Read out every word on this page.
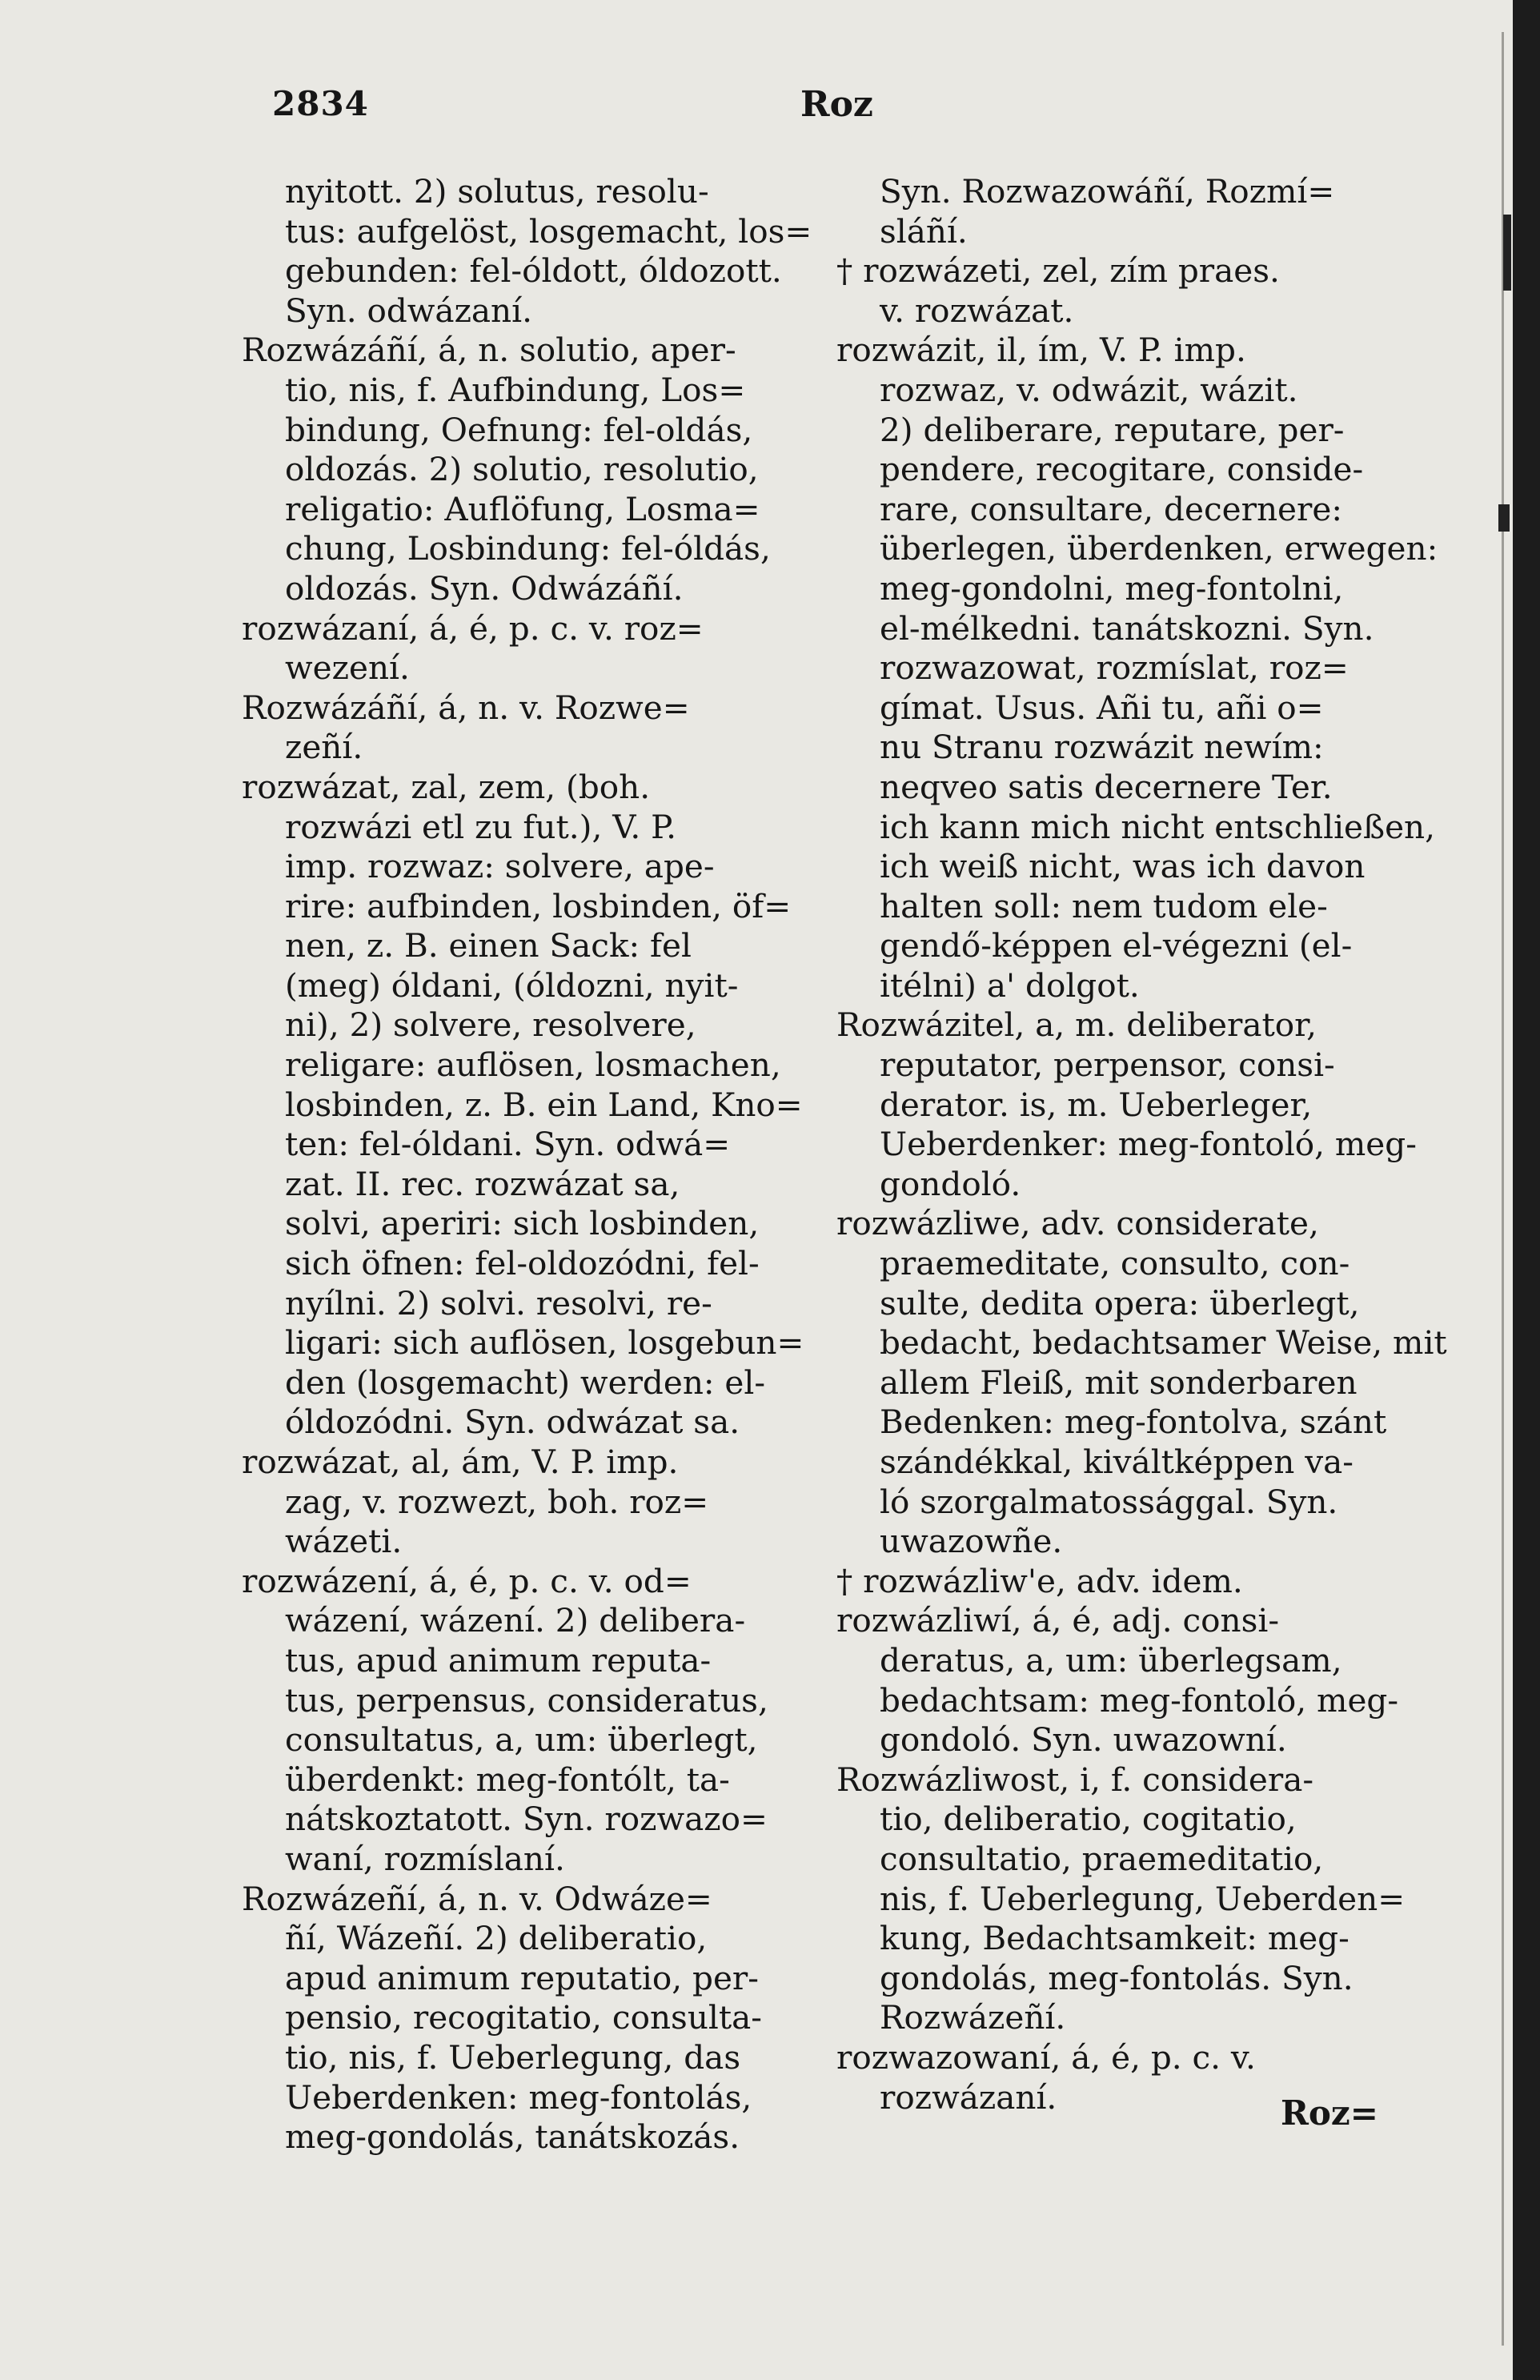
2834	Roz
nyitott. 2) solutus, resolu-
tus: aufgelöst, losgemacht, los=
gebunden: fel-óldott, óldozott.
Syn. odwázaní.
Rozwázáñí, á, n. solutio, aper-
tio, nis, f. Aufbindung, Los=
bindung, Oefnung: fel-oldás,
oldozás. 2) solutio, resolutio,
religatio: Auflöfung, Losma=
chung, Losbindung: fel-óldás,
oldozás. Syn. Odwázáñí.
rozwázaní, á, é, p. c. v. roz=
wezení.
Rozwázáñí, á, n. v. Rozwe=
zeñí.
rozwázat, zal, zem, (boh.
rozwázi etl zu fut.), V. P.
imp. rozwaz: solvere, ape-
rire: aufbinden, losbinden, öf=
nen, z. B. einen Sack: fel
(meg) óldani, (óldozni, nyit-
ni), 2) solvere, resolvere,
religare: auflösen, losmachen,
losbinden, z. B. ein Land, Kno=
ten: fel-óldani. Syn. odwá=
zat. II. rec. rozwázat sa,
solvi, aperiri: sich losbinden,
sich öfnen: fel-oldozódni, fel-
nyílni. 2) solvi. resolvi, re-
ligari: sich auflösen, losgebun=
den (losgemacht) werden: el-
óldozódni. Syn. odwázat sa.
rozwázat, al, ám, V. P. imp.
zag, v. rozwezt, boh. roz=
wázeti.
rozwázení, á, é, p. c. v. od=
wázení, wázení. 2) delibera-
tus, apud animum reputa-
tus, perpensus, consideratus,
consultatus, a, um: überlegt,
überdenkt: meg-fontólt, ta-
nátskoztatott. Syn. rozwazo=
waní, rozmíslaní.
Rozwázeñí, á, n. v. Odwáze=
ñí, Wázeñí. 2) deliberatio,
apud animum reputatio, per-
pensio, recogitatio, consulta-
tio, nis, f. Ueberlegung, das
Ueberdenken: meg-fontolás,
meg-gondolás, tanátskozás.
Syn. Rozwazowáñí, Rozmí=
sláñí.
† rozwázeti, zel, zím praes.
v. rozwázat.
rozwázit, il, ím, V. P. imp.
rozwaz, v. odwázit, wázit.
2) deliberare, reputare, per-
pendere, recogitare, conside-
rare, consultare, decernere:
überlegen, überdenken, erwegen:
meg-gondolni, meg-fontolni,
el-mélkedni. tanátskozni. Syn.
rozwazowat, rozmíslat, roz=
gímat. Usus. Añi tu, añi o=
nu Stranu rozwázit newím:
neqveo satis decernere Ter.
ich kann mich nicht entschließen,
ich weiß nicht, was ich davon
halten soll: nem tudom ele-
gendő-képpen el-végezni (el-
itélni) a' dolgot.
Rozwázitel, a, m. deliberator,
reputator, perpensor, consi-
derator. is, m. Ueberleger,
Ueberdenker: meg-fontoló, meg-
gondoló.
rozwázliwe, adv. considerate,
praemeditate, consulto, con-
sulte, dedita opera: überlegt,
bedacht, bedachtsamer Weise, mit
allem Fleiß, mit sonderbaren
Bedenken: meg-fontolva, szánt
szándékkal, kiváltképpen va-
ló szorgalmatossággal. Syn.
uwazowñe.
† rozwázliw'e, adv. idem.
rozwázliwí, á, é, adj. consi-
deratus, a, um: überlegsam,
bedachtsam: meg-fontoló, meg-
gondoló. Syn. uwazowní.
Rozwázliwost, i, f. considera-
tio, deliberatio, cogitatio,
consultatio, praemeditatio,
nis, f. Ueberlegung, Ueberden=
kung, Bedachtsamkeit: meg-
gondolás, meg-fontolás. Syn.
Rozwázeñí.
rozwazowaní, á, é, p. c. v.
rozwázaní.	Roz=
